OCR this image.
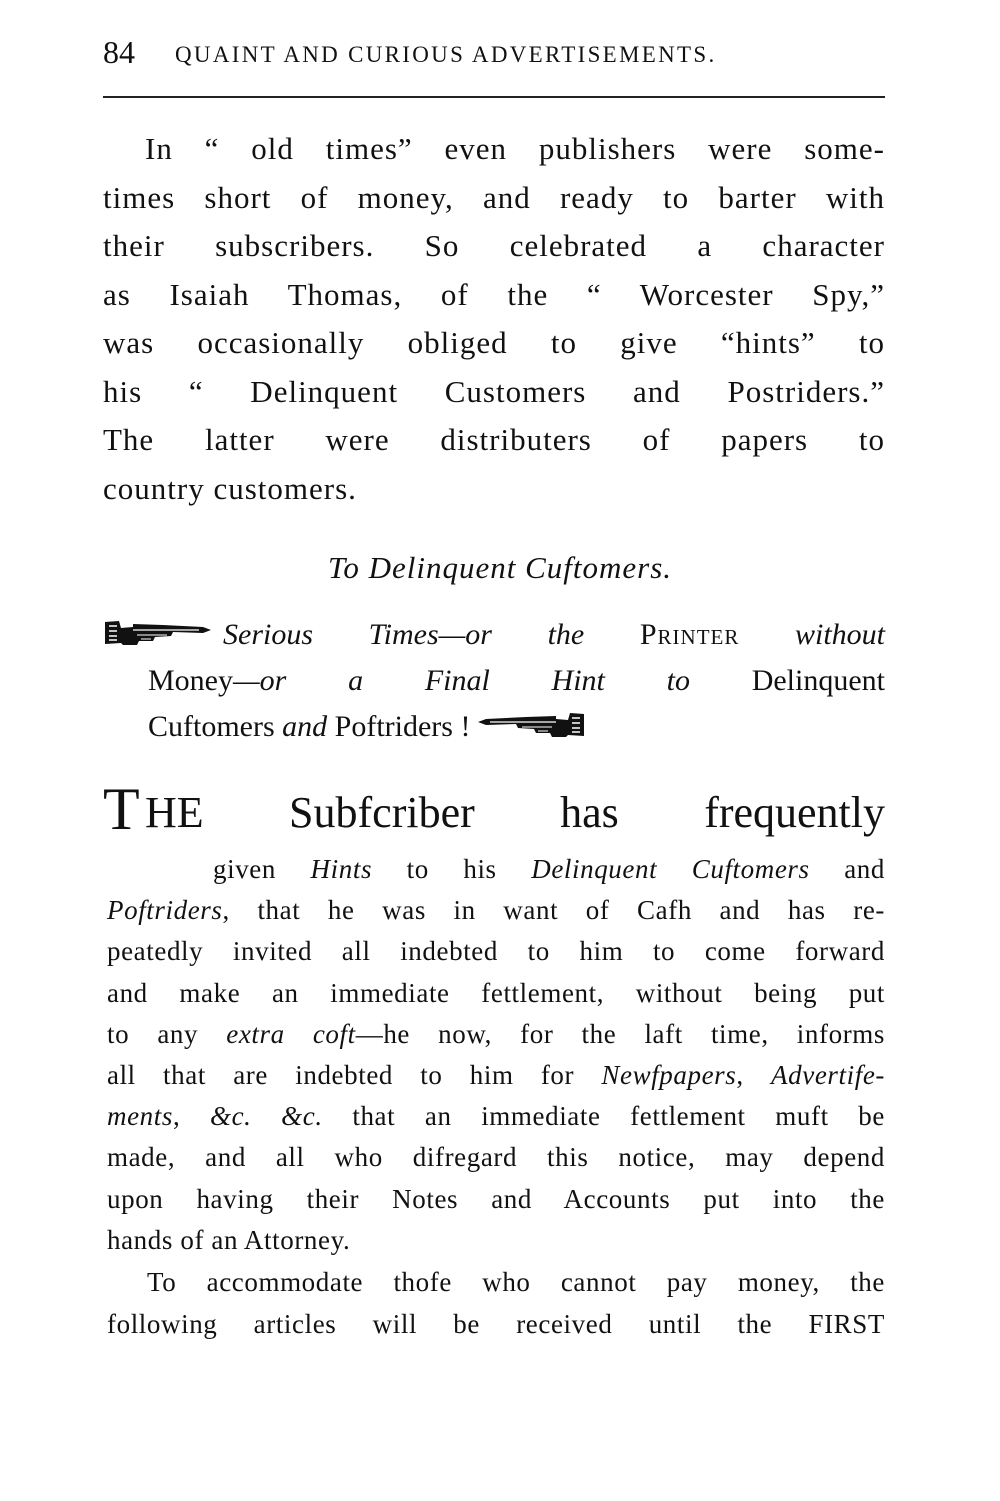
84 QUAINT AND CURIOUS ADVERTISEMENTS.
In “ old times” even publishers were some-
times short of money, and ready to barter with
their subscribers. So celebrated a character
as Isaiah Thomas, of the “ Worcester Spy,”
was occasionally obliged to give “hints” to
his “ Delinquent Customers and Postriders.”
The latter were distributers of papers to
country customers.
To Delinquent Cuftomers.
Serious Times—or the Printer without
Money—or a Final Hint to Delinquent
Cuftomers and Poftriders !
T HE Subfcriber has frequently
given Hints to his Delinquent Cuftomers and
Poftriders, that he was in want of Cafh and has re-
peatedly invited all indebted to him to come forward
and make an immediate fettlement, without being put
to any extra coft—he now, for the laft time, informs
all that are indebted to him for Newfpapers, Advertife-
ments, &c. &c. that an immediate fettlement muft be
made, and all who difregard this notice, may depend
upon having their Notes and Accounts put into the
hands of an Attorney.
To accommodate thofe who cannot pay money, the
following articles will be received until the FIRST
